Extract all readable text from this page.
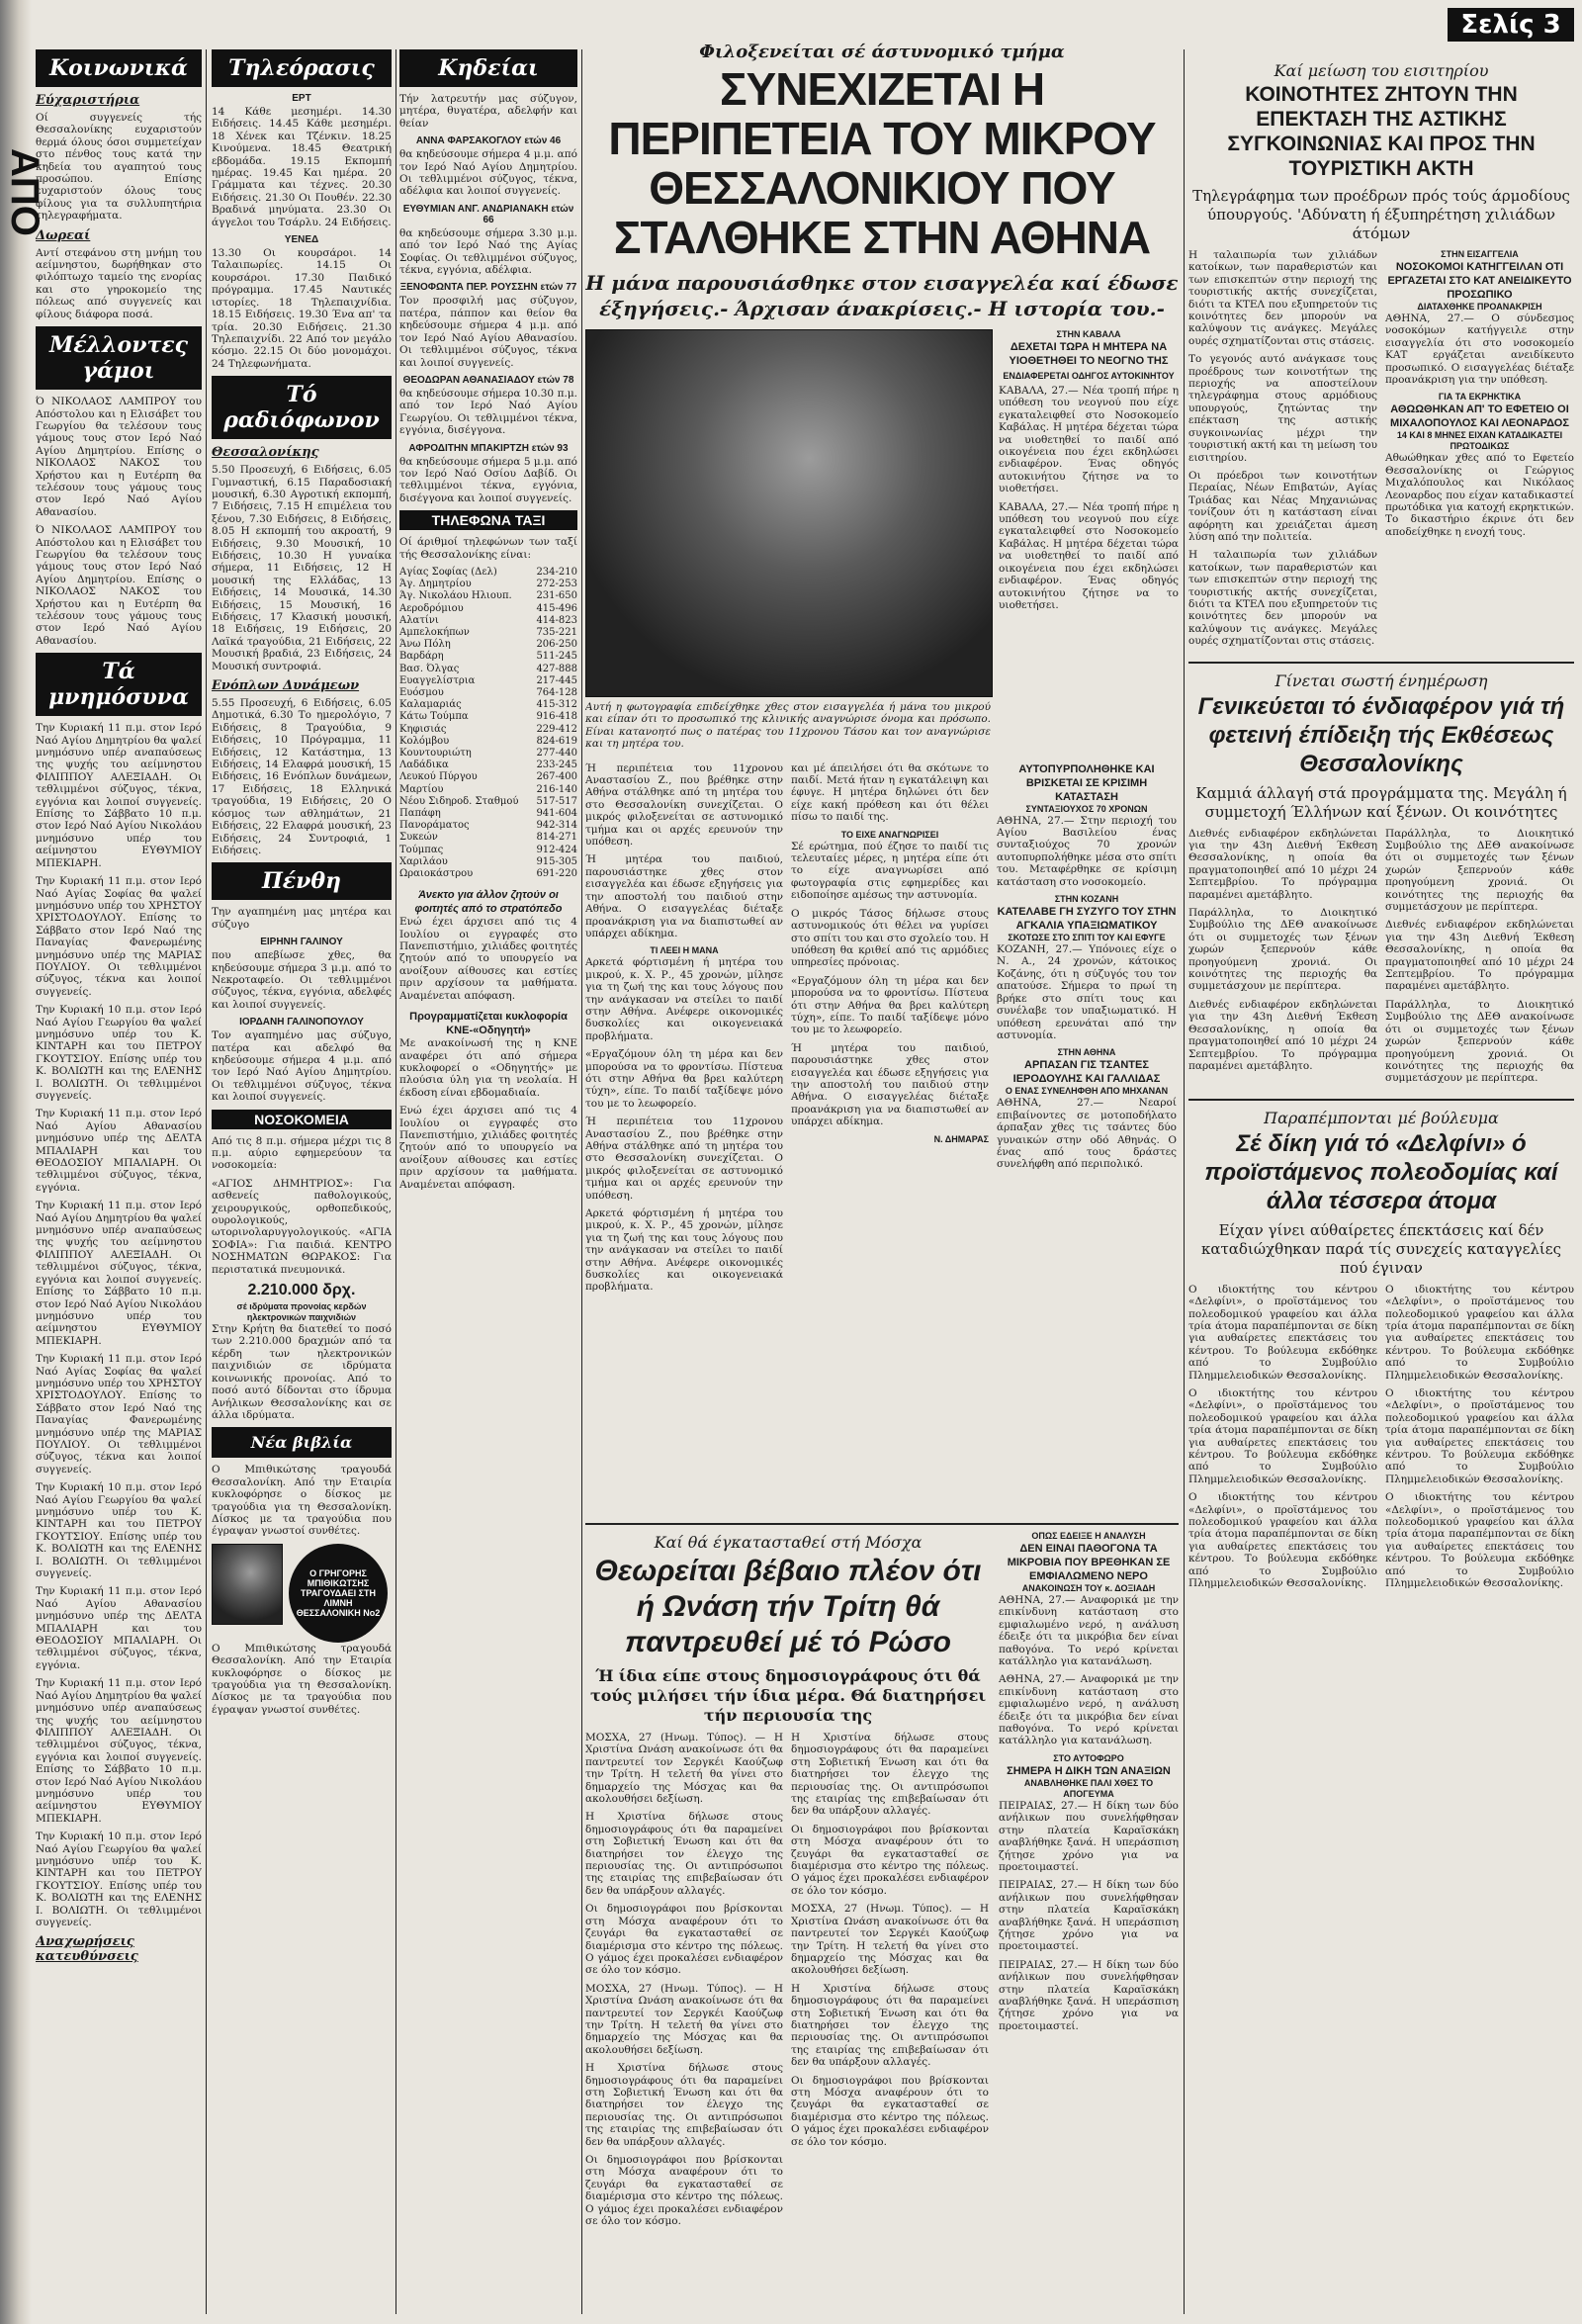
ΑΠΟ
Σελίς 3
Κοινωνικά
Εύχαριστήρια

Οί συγγενείς τής Θεσσαλονίκης ευχαριστούν θερμά όλους όσοι συμμετείχαν στο πένθος τους κατά την κηδεία του αγαπητού τους προσώπου. Επίσης ευχαριστούν όλους τους φίλους για τα συλλυπητήρια τηλεγραφήματα.

Δωρεαί

Αντί στεφάνου στη μνήμη του αείμνηστου, δωρήθηκαν στο φιλόπτωχο ταμείο της ενορίας και στο γηροκομείο της πόλεως από συγγενείς και φίλους διάφορα ποσά.

Μέλλοντες γάμοι

Ό ΝΙΚΟΛΑΟΣ ΛΑΜΠΡΟΥ του Απόστολου και η Ελισάβετ του Γεωργίου θα τελέσουν τους γάμους τους στον Ιερό Ναό Αγίου Δημητρίου. Επίσης ο ΝΙΚΟΛΑΟΣ ΝΑΚΟΣ του Χρήστου και η Ευτέρπη θα τελέσουν τους γάμους τους στον Ιερό Ναό Αγίου Αθανασίου.

Ό ΝΙΚΟΛΑΟΣ ΛΑΜΠΡΟΥ του Απόστολου και η Ελισάβετ του Γεωργίου θα τελέσουν τους γάμους τους στον Ιερό Ναό Αγίου Δημητρίου. Επίσης ο ΝΙΚΟΛΑΟΣ ΝΑΚΟΣ του Χρήστου και η Ευτέρπη θα τελέσουν τους γάμους τους στον Ιερό Ναό Αγίου Αθανασίου.

Τά μνημόσυνα

Την Κυριακή 11 π.μ. στον Ιερό Ναό Αγίου Δημητρίου θα ψαλεί μνημόσυνο υπέρ αναπαύσεως της ψυχής του αείμνηστου ΦΙΛΙΠΠΟΥ ΑΛΕΞΙΑΔΗ. Οι τεθλιμμένοι σύζυγος, τέκνα, εγγόνια και λοιποί συγγενείς. Επίσης το Σάββατο 10 π.μ. στον Ιερό Ναό Αγίου Νικολάου μνημόσυνο υπέρ του αείμνηστου ΕΥΘΥΜΙΟΥ ΜΠΕΚΙΑΡΗ.

Την Κυριακή 11 π.μ. στον Ιερό Ναό Αγίας Σοφίας θα ψαλεί μνημόσυνο υπέρ του ΧΡΗΣΤΟΥ ΧΡΙΣΤΟΔΟΥΛΟΥ. Επίσης το Σάββατο στον Ιερό Ναό της Παναγίας Φανερωμένης μνημόσυνο υπέρ της ΜΑΡΙΑΣ ΠΟΥΛΙΟΥ. Οι τεθλιμμένοι σύζυγος, τέκνα και λοιποί συγγενείς.

Την Κυριακή 10 π.μ. στον Ιερό Ναό Αγίου Γεωργίου θα ψαλεί μνημόσυνο υπέρ του Κ. ΚΙΝΤΑΡΗ και του ΠΕΤΡΟΥ ΓΚΟΥΤΣΙΟΥ. Επίσης υπέρ του Κ. ΒΟΛΙΩΤΗ και της ΕΛΕΝΗΣ Ι. ΒΟΛΙΩΤΗ. Οι τεθλιμμένοι συγγενείς.

Την Κυριακή 11 π.μ. στον Ιερό Ναό Αγίου Αθανασίου μνημόσυνο υπέρ της ΔΕΛΤΑ ΜΠΑΛΙΑΡΗ και του ΘΕΟΔΟΣΙΟΥ ΜΠΑΛΙΑΡΗ. Οι τεθλιμμένοι σύζυγος, τέκνα, εγγόνια.

Την Κυριακή 11 π.μ. στον Ιερό Ναό Αγίου Δημητρίου θα ψαλεί μνημόσυνο υπέρ αναπαύσεως της ψυχής του αείμνηστου ΦΙΛΙΠΠΟΥ ΑΛΕΞΙΑΔΗ. Οι τεθλιμμένοι σύζυγος, τέκνα, εγγόνια και λοιποί συγγενείς. Επίσης το Σάββατο 10 π.μ. στον Ιερό Ναό Αγίου Νικολάου μνημόσυνο υπέρ του αείμνηστου ΕΥΘΥΜΙΟΥ ΜΠΕΚΙΑΡΗ.

Την Κυριακή 11 π.μ. στον Ιερό Ναό Αγίας Σοφίας θα ψαλεί μνημόσυνο υπέρ του ΧΡΗΣΤΟΥ ΧΡΙΣΤΟΔΟΥΛΟΥ. Επίσης το Σάββατο στον Ιερό Ναό της Παναγίας Φανερωμένης μνημόσυνο υπέρ της ΜΑΡΙΑΣ ΠΟΥΛΙΟΥ. Οι τεθλιμμένοι σύζυγος, τέκνα και λοιποί συγγενείς.

Την Κυριακή 10 π.μ. στον Ιερό Ναό Αγίου Γεωργίου θα ψαλεί μνημόσυνο υπέρ του Κ. ΚΙΝΤΑΡΗ και του ΠΕΤΡΟΥ ΓΚΟΥΤΣΙΟΥ. Επίσης υπέρ του Κ. ΒΟΛΙΩΤΗ και της ΕΛΕΝΗΣ Ι. ΒΟΛΙΩΤΗ. Οι τεθλιμμένοι συγγενείς.

Την Κυριακή 11 π.μ. στον Ιερό Ναό Αγίου Αθανασίου μνημόσυνο υπέρ της ΔΕΛΤΑ ΜΠΑΛΙΑΡΗ και του ΘΕΟΔΟΣΙΟΥ ΜΠΑΛΙΑΡΗ. Οι τεθλιμμένοι σύζυγος, τέκνα, εγγόνια.

Την Κυριακή 11 π.μ. στον Ιερό Ναό Αγίου Δημητρίου θα ψαλεί μνημόσυνο υπέρ αναπαύσεως της ψυχής του αείμνηστου ΦΙΛΙΠΠΟΥ ΑΛΕΞΙΑΔΗ. Οι τεθλιμμένοι σύζυγος, τέκνα, εγγόνια και λοιποί συγγενείς. Επίσης το Σάββατο 10 π.μ. στον Ιερό Ναό Αγίου Νικολάου μνημόσυνο υπέρ του αείμνηστου ΕΥΘΥΜΙΟΥ ΜΠΕΚΙΑΡΗ.

Την Κυριακή 10 π.μ. στον Ιερό Ναό Αγίου Γεωργίου θα ψαλεί μνημόσυνο υπέρ του Κ. ΚΙΝΤΑΡΗ και του ΠΕΤΡΟΥ ΓΚΟΥΤΣΙΟΥ. Επίσης υπέρ του Κ. ΒΟΛΙΩΤΗ και της ΕΛΕΝΗΣ Ι. ΒΟΛΙΩΤΗ. Οι τεθλιμμένοι συγγενείς.

Αναχωρήσεις κατευθύνσεις
Τηλεόρασις
ΕΡΤ

14 Κάθε μεσημέρι. 14.30 Ειδήσεις. 14.45 Κάθε μεσημέρι. 18 Χένεκ και Τζένκιν. 18.25 Κινούμενα. 18.45 Θεατρική εβδομάδα. 19.15 Εκπομπή ημέρας. 19.45 Και ημέρα. 20 Γράμματα και τέχνες. 20.30 Ειδήσεις. 21.30 Οι Πουθέν. 22.30 Βραδινά μηνύματα. 23.30 Οι άγγελοι του Τσάρλυ. 24 Ειδήσεις.

ΥΕΝΕΔ

13.30 Οι κουρσάροι. 14 Ταλαιπωρίες. 14.15 Οι κουρσάροι. 17.30 Παιδικό πρόγραμμα. 17.45 Ναυτικές ιστορίες. 18 Τηλεπαιχνίδια. 18.15 Ειδήσεις. 19.30 Ένα απ' τα τρία. 20.30 Ειδήσεις. 21.30 Τηλεπαιχνίδι. 22 Από τον μεγάλο κόσμο. 22.15 Οι δύο μονομάχοι. 24 Τηλεφωνήματα.

Τό ραδιόφωνον
Θεσσαλονίκης

5.50 Προσευχή, 6 Ειδήσεις, 6.05 Γυμναστική, 6.15 Παραδοσιακή μουσική, 6.30 Αγροτική εκπομπή, 7 Ειδήσεις, 7.15 Η επιμέλεια του ξένου, 7.30 Ειδήσεις, 8 Ειδήσεις, 8.05 Η εκπομπή του ακροατή, 9 Ειδήσεις, 9.30 Μουσική, 10 Ειδήσεις, 10.30 Η γυναίκα σήμερα, 11 Ειδήσεις, 12 Η μουσική της Ελλάδας, 13 Ειδήσεις, 14 Μουσικά, 14.30 Ειδήσεις, 15 Μουσική, 16 Ειδήσεις, 17 Κλασική μουσική, 18 Ειδήσεις, 19 Ειδήσεις, 20 Λαϊκά τραγούδια, 21 Ειδήσεις, 22 Μουσική βραδιά, 23 Ειδήσεις, 24 Μουσική συντροφιά.

Ενόπλων Δυνάμεων

5.55 Προσευχή, 6 Ειδήσεις, 6.05 Δημοτικά, 6.30 Το ημερολόγιο, 7 Ειδήσεις, 8 Τραγούδια, 9 Ειδήσεις, 10 Πρόγραμμα, 11 Ειδήσεις, 12 Κατάστημα, 13 Ειδήσεις, 14 Ελαφρά μουσική, 15 Ειδήσεις, 16 Ενόπλων δυνάμεων, 17 Ειδήσεις, 18 Ελληνικά τραγούδια, 19 Ειδήσεις, 20 Ο κόσμος των αθλημάτων, 21 Ειδήσεις, 22 Ελαφρά μουσική, 23 Ειδήσεις, 24 Συντροφιά, 1 Ειδήσεις.

Πένθη

Την αγαπημένη μας μητέρα και σύζυγο

ΕΙΡΗΝΗ ΓΑΛΙΝΟΥ

που απεβίωσε χθες, θα κηδεύσουμε σήμερα 3 μ.μ. από το Νεκροταφείο. Οι τεθλιμμένοι σύζυγος, τέκνα, εγγόνια, αδελφές και λοιποί συγγενείς.

ΙΟΡΔΑΝΗ ΓΑΛΙΝΟΠΟΥΛΟΥ

Τον αγαπημένο μας σύζυγο, πατέρα και αδελφό θα κηδεύσουμε σήμερα 4 μ.μ. από τον Ιερό Ναό Αγίου Δημητρίου. Οι τεθλιμμένοι σύζυγος, τέκνα και λοιποί συγγενείς.

ΝΟΣΟΚΟΜΕΙΑ

Από τις 8 π.μ. σήμερα μέχρι τις 8 π.μ. αύριο εφημερεύουν τα νοσοκομεία:

«ΑΓΙΟΣ ΔΗΜΗΤΡΙΟΣ»: Για ασθενείς παθολογικούς, χειρουργικούς, ορθοπεδικούς, ουρολογικούς, ωτορινολαρυγγολογικούς. «ΑΓΙΑ ΣΟΦΙΑ»: Για παιδιά. ΚΕΝΤΡΟ ΝΟΣΗΜΑΤΩΝ ΘΩΡΑΚΟΣ: Για περιστατικά πνευμονικά.

2.210.000 δρχ.
σέ ιδρύματα προνοίας κερδών ηλεκτρονικών παιχνιδιών

Στην Κρήτη θα διατεθεί το ποσό των 2.210.000 δραχμών από τα κέρδη των ηλεκτρονικών παιχνιδιών σε ιδρύματα κοινωνικής προνοίας. Από το ποσό αυτό δίδονται στο ίδρυμα Ανήλικων Θεσσαλονίκης και σε άλλα ιδρύματα.

Νέα βιβλία

Ο Μπιθικώτσης τραγουδά Θεσσαλονίκη. Από την Εταιρία κυκλοφόρησε ο δίσκος με τραγούδια για τη Θεσσαλονίκη. Δίσκος με τα τραγούδια που έγραψαν γνωστοί συνθέτες.

Ο ΓΡΗΓΟΡΗΣ ΜΠΙΘΙΚΩΤΣΗΣ ΤΡΑΓΟΥΔΑΕΙ ΣΤΗ ΛΙΜΝΗ ΘΕΣΣΑΛΟΝΙΚΗ Νο2

Ο Μπιθικώτσης τραγουδά Θεσσαλονίκη. Από την Εταιρία κυκλοφόρησε ο δίσκος με τραγούδια για τη Θεσσαλονίκη. Δίσκος με τα τραγούδια που έγραψαν γνωστοί συνθέτες.

Κηδείαι

Τήν λατρευτήν μας σύζυγον, μητέρα, θυγατέρα, αδελφήν και θείαν

ΑΝΝΑ ΦΑΡΣΑΚΟΓΛΟΥ ετών 46

θα κηδεύσουμε σήμερα 4 μ.μ. από τον Ιερό Ναό Αγίου Δημητρίου. Οι τεθλιμμένοι σύζυγος, τέκνα, αδέλφια και λοιποί συγγενείς.

ΕΥΘΥΜΙΑΝ ΑΝΓ. ΑΝΔΡΙΑΝΑΚΗ ετών 66

θα κηδεύσουμε σήμερα 3.30 μ.μ. από τον Ιερό Ναό της Αγίας Σοφίας. Οι τεθλιμμένοι σύζυγος, τέκνα, εγγόνια, αδέλφια.

ΞΕΝΟΦΩΝΤΑ ΠΕΡ. ΡΟΥΣΣΗΝ ετών 77

Τον προσφιλή μας σύζυγον, πατέρα, πάππον και θείον θα κηδεύσουμε σήμερα 4 μ.μ. από τον Ιερό Ναό Αγίου Αθανασίου. Οι τεθλιμμένοι σύζυγος, τέκνα και λοιποί συγγενείς.

ΘΕΟΔΩΡΑΝ ΑΘΑΝΑΣΙΑΔΟΥ ετών 78

θα κηδεύσουμε σήμερα 10.30 π.μ. από τον Ιερό Ναό Αγίου Γεωργίου. Οι τεθλιμμένοι τέκνα, εγγόνια, δισέγγονα.

ΑΦΡΟΔΙΤΗΝ ΜΠΑΚΙΡΤΖΗ ετών 93

θα κηδεύσουμε σήμερα 5 μ.μ. από τον Ιερό Ναό Οσίου Δαβίδ. Οι τεθλιμμένοι τέκνα, εγγόνια, δισέγγονα και λοιποί συγγενείς.

ΤΗΛΕΦΩΝΑ ΤΑΞΙ

Οί άριθμοί τηλεφώνων των ταξί τής Θεσσαλονίκης είναι:

Αγίας Σοφίας (Δελ)	234-210
Άγ. Δημητρίου	272-253
Άγ. Νικολάου Ηλιουπ. 231-650
Αεροδρόμιου	415-496
Αλατίνι	414-823
Αμπελοκήπων	735-221
Άνω Πόλη	206-250
Βαρδάρη	511-245
Βασ. Όλγας	427-888
Ευαγγελίστρια	217-445
Ευόσμου	764-128
Καλαμαριάς	415-312
Κάτω Τούμπα	916-418
Κηφισιάς	229-412
Κολόμβου	824-619
Κουντουριώτη	277-440
Λαδάδικα	233-245
Λευκού Πύργου	267-400
Μαρτίου	216-140
Νέου Σιδηροδ. Σταθμού 517-517
Παπάφη	941-604
Πανοράματος	942-314
Συκεών	814-271
Τούμπας	912-424
Χαριλάου	915-305
Ωραιοκάστρου	691-220
Άνεκτο για άλλον ζητούν οι φοιτητές από το στρατόπεδο

Ενώ έχει άρχισει από τις 4 Ιουλίου οι εγγραφές στο Πανεπιστήμιο, χιλιάδες φοιτητές ζητούν από το υπουργείο να ανοίξουν αίθουσες και εστίες πριν αρχίσουν τα μαθήματα. Αναμένεται απόφαση.

Προγραμματίζεται κυκλοφορία ΚΝΕ-«Οδηγητή»

Με ανακοίνωσή της η ΚΝΕ αναφέρει ότι από σήμερα κυκλοφορεί ο «Οδηγητής» με πλούσια ύλη για τη νεολαία. Η έκδοση είναι εβδομαδιαία.

Ενώ έχει άρχισει από τις 4 Ιουλίου οι εγγραφές στο Πανεπιστήμιο, χιλιάδες φοιτητές ζητούν από το υπουργείο να ανοίξουν αίθουσες και εστίες πριν αρχίσουν τα μαθήματα. Αναμένεται απόφαση.

Φιλοξενείται σέ άστυνομικό τμήμα
ΣΥΝΕΧΙΖΕΤΑΙ Η ΠΕΡΙΠΕΤΕΙΑ ΤΟΥ ΜΙΚΡΟΥ ΘΕΣΣΑΛΟΝΙΚΙΟΥ ΠΟΥ ΣΤΑΛΘΗΚΕ ΣΤΗΝ ΑΘΗΝΑ
Η μάνα παρουσιάσθηκε στον εισαγγελέα καί έδωσε έξηγήσεις.- Άρχισαν άνακρίσεις.- Η ιστορία του.-

Αυτή η φωτογραφία επιδείχθηκε χθες στον εισαγγελέα ή μάνα του μικρού και είπαν ότι το προσωπικό της κλινικής αναγνώρισε όνομα και πρόσωπο. Είναι κατανοητό πως ο πατέρας του 11χρονου Τάσου και τον αναγνώρισε και τη μητέρα του.

ΣΤΗΝ ΚΑΒΑΛΑ
ΔΕΧΕΤΑΙ ΤΩΡΑ Η ΜΗΤΕΡΑ ΝΑ ΥΙΟΘΕΤΗΘΕΙ ΤΟ ΝΕΟΓΝΟ ΤΗΣ
ΕΝΔΙΑΦΕΡΕΤΑΙ ΟΔΗΓΟΣ ΑΥΤΟΚΙΝΗΤΟΥ

ΚΑΒΑΛΑ, 27.— Νέα τροπή πήρε η υπόθεση του νεογνού που είχε εγκαταλειφθεί στο Νοσοκομείο Καβάλας. Η μητέρα δέχεται τώρα να υιοθετηθεί το παιδί από οικογένεια που έχει εκδηλώσει ενδιαφέρον. Ένας οδηγός αυτοκινήτου ζήτησε να το υιοθετήσει.

ΚΑΒΑΛΑ, 27.— Νέα τροπή πήρε η υπόθεση του νεογνού που είχε εγκαταλειφθεί στο Νοσοκομείο Καβάλας. Η μητέρα δέχεται τώρα να υιοθετηθεί το παιδί από οικογένεια που έχει εκδηλώσει ενδιαφέρον. Ένας οδηγός αυτοκινήτου ζήτησε να το υιοθετήσει.

Ή περιπέτεια του 11χρονου Αναστασίου Ζ., που βρέθηκε στην Αθήνα στάλθηκε από τη μητέρα του στο Θεσσαλονίκη συνεχίζεται. Ο μικρός φιλοξενείται σε αστυνομικό τμήμα και οι αρχές ερευνούν την υπόθεση.

Ή μητέρα του παιδιού, παρουσιάστηκε χθες στον εισαγγελέα και έδωσε εξηγήσεις για την αποστολή του παιδιού στην Αθήνα. Ο εισαγγελέας διέταξε προανάκριση για να διαπιστωθεί αν υπάρχει αδίκημα.

ΤΙ ΛΕΕΙ Η ΜΑΝΑ

Αρκετά φόρτισμένη ή μητέρα του μικρού, κ. Χ. Ρ., 45 χρονών, μίλησε για τη ζωή της και τους λόγους που την ανάγκασαν να στείλει το παιδί στην Αθήνα. Ανέφερε οικονομικές δυσκολίες και οικογενειακά προβλήματα.

«Εργαζόμουν όλη τη μέρα και δεν μπορούσα να το φροντίσω. Πίστευα ότι στην Αθήνα θα βρει καλύτερη τύχη», είπε. Το παιδί ταξίδεψε μόνο του με το λεωφορείο.

Ή περιπέτεια του 11χρονου Αναστασίου Ζ., που βρέθηκε στην Αθήνα στάλθηκε από τη μητέρα του στο Θεσσαλονίκη συνεχίζεται. Ο μικρός φιλοξενείται σε αστυνομικό τμήμα και οι αρχές ερευνούν την υπόθεση.

Αρκετά φόρτισμένη ή μητέρα του μικρού, κ. Χ. Ρ., 45 χρονών, μίλησε για τη ζωή της και τους λόγους που την ανάγκασαν να στείλει το παιδί στην Αθήνα. Ανέφερε οικονομικές δυσκολίες και οικογενειακά προβλήματα.

και μέ άπειλήσει ότι θα σκότωνε το παιδί. Μετά ήταν η εγκατάλειψη και έφυγε. Η μητέρα δηλώνει ότι δεν είχε κακή πρόθεση και ότι θέλει πίσω το παιδί της.

ΤΟ ΕΙΧΕ ΑΝΑΓΝΩΡΙΣΕΙ

Σέ ερώτημα, πού έζησε το παιδί τις τελευταίες μέρες, η μητέρα είπε ότι το είχε αναγνωρίσει από φωτογραφία στις εφημερίδες και ειδοποίησε αμέσως την αστυνομία.

Ο μικρός Τάσος δήλωσε στους αστυνομικούς ότι θέλει να γυρίσει στο σπίτι του και στο σχολείο του. Η υπόθεση θα κριθεί από τις αρμόδιες υπηρεσίες πρόνοιας.

«Εργαζόμουν όλη τη μέρα και δεν μπορούσα να το φροντίσω. Πίστευα ότι στην Αθήνα θα βρει καλύτερη τύχη», είπε. Το παιδί ταξίδεψε μόνο του με το λεωφορείο.

Ή μητέρα του παιδιού, παρουσιάστηκε χθες στον εισαγγελέα και έδωσε εξηγήσεις για την αποστολή του παιδιού στην Αθήνα. Ο εισαγγελέας διέταξε προανάκριση για να διαπιστωθεί αν υπάρχει αδίκημα.

Ν. ΔΗΜΑΡΑΣ
ΑΥΤΟΠΥΡΠΟΛΗΘΗΚΕ ΚΑΙ ΒΡΙΣΚΕΤΑΙ ΣΕ ΚΡΙΣΙΜΗ ΚΑΤΑΣΤΑΣΗ
ΣΥΝΤΑΞΙΟΥΧΟΣ 70 ΧΡΟΝΩΝ

ΑΘΗΝΑ, 27.— Στην περιοχή του Αγίου Βασιλείου ένας συνταξιούχος 70 χρονών αυτοπυρπολήθηκε μέσα στο σπίτι του. Μεταφέρθηκε σε κρίσιμη κατάσταση στο νοσοκομείο.

ΣΤΗΝ ΚΟΖΑΝΗ
ΚΑΤΕΛΑΒΕ ΓΗ ΣΥΖΥΓΟ ΤΟΥ ΣΤΗΝ ΑΓΚΑΛΙΑ ΥΠΑΞΙΩΜΑΤΙΚΟΥ
ΣΚΟΤΩΣΕ ΣΤΟ ΣΠΙΤΙ ΤΟΥ ΚΑΙ ΕΦΥΓΕ

ΚΟΖΑΝΗ, 27.— Υπόνοιες είχε ο Ν. Α., 24 χρονών, κάτοικος Κοζάνης, ότι η σύζυγός του τον απατούσε. Σήμερα το πρωί τη βρήκε στο σπίτι τους και συνέλαβε τον υπαξιωματικό. Η υπόθεση ερευνάται από την αστυνομία.

ΣΤΗΝ ΑΘΗΝΑ
ΑΡΠΑΣΑΝ ΓΙΣ ΤΣΑΝΤΕΣ ΙΕΡΟΔΟΥΛΗΣ ΚΑΙ ΓΑΛΛΙΔΑΣ
Ο ΕΝΑΣ ΣΥΝΕΛΗΦΘΗ ΑΠΟ ΜΗΧΑΝΑΝ

ΑΘΗΝΑ, 27.— Νεαροί επιβαίνοντες σε μοτοποδήλατο άρπαξαν χθες τις τσάντες δύο γυναικών στην οδό Αθηνάς. Ο ένας από τους δράστες συνελήφθη από περιπολικό.

Καί θά έγκατασταθεί στή Μόσχα
Θεωρείται βέβαιο πλέον ότι ή Ωνάση τήν Τρίτη θά παντρευθεί μέ τό Ρώσο
Ή ίδια είπε στους δημοσιογράφους ότι θά τούς μιλήσει τήν ίδια μέρα. Θά διατηρήσει τήν περιουσία της

ΜΟΣΧΑ, 27 (Ηνωμ. Τύπος). — Η Χριστίνα Ωνάση ανακοίνωσε ότι θα παντρευτεί τον Σεργκέι Καούζωφ την Τρίτη. Η τελετή θα γίνει στο δημαρχείο της Μόσχας και θα ακολουθήσει δεξίωση.

Η Χριστίνα δήλωσε στους δημοσιογράφους ότι θα παραμείνει στη Σοβιετική Ένωση και ότι θα διατηρήσει τον έλεγχο της περιουσίας της. Οι αντιπρόσωποι της εταιρίας της επιβεβαίωσαν ότι δεν θα υπάρξουν αλλαγές.

Οι δημοσιογράφοι που βρίσκονται στη Μόσχα αναφέρουν ότι το ζευγάρι θα εγκατασταθεί σε διαμέρισμα στο κέντρο της πόλεως. Ο γάμος έχει προκαλέσει ενδιαφέρον σε όλο τον κόσμο.

ΜΟΣΧΑ, 27 (Ηνωμ. Τύπος). — Η Χριστίνα Ωνάση ανακοίνωσε ότι θα παντρευτεί τον Σεργκέι Καούζωφ την Τρίτη. Η τελετή θα γίνει στο δημαρχείο της Μόσχας και θα ακολουθήσει δεξίωση.

Η Χριστίνα δήλωσε στους δημοσιογράφους ότι θα παραμείνει στη Σοβιετική Ένωση και ότι θα διατηρήσει τον έλεγχο της περιουσίας της. Οι αντιπρόσωποι της εταιρίας της επιβεβαίωσαν ότι δεν θα υπάρξουν αλλαγές.

Οι δημοσιογράφοι που βρίσκονται στη Μόσχα αναφέρουν ότι το ζευγάρι θα εγκατασταθεί σε διαμέρισμα στο κέντρο της πόλεως. Ο γάμος έχει προκαλέσει ενδιαφέρον σε όλο τον κόσμο.

Η Χριστίνα δήλωσε στους δημοσιογράφους ότι θα παραμείνει στη Σοβιετική Ένωση και ότι θα διατηρήσει τον έλεγχο της περιουσίας της. Οι αντιπρόσωποι της εταιρίας της επιβεβαίωσαν ότι δεν θα υπάρξουν αλλαγές.

Οι δημοσιογράφοι που βρίσκονται στη Μόσχα αναφέρουν ότι το ζευγάρι θα εγκατασταθεί σε διαμέρισμα στο κέντρο της πόλεως. Ο γάμος έχει προκαλέσει ενδιαφέρον σε όλο τον κόσμο.

ΜΟΣΧΑ, 27 (Ηνωμ. Τύπος). — Η Χριστίνα Ωνάση ανακοίνωσε ότι θα παντρευτεί τον Σεργκέι Καούζωφ την Τρίτη. Η τελετή θα γίνει στο δημαρχείο της Μόσχας και θα ακολουθήσει δεξίωση.

Η Χριστίνα δήλωσε στους δημοσιογράφους ότι θα παραμείνει στη Σοβιετική Ένωση και ότι θα διατηρήσει τον έλεγχο της περιουσίας της. Οι αντιπρόσωποι της εταιρίας της επιβεβαίωσαν ότι δεν θα υπάρξουν αλλαγές.

Οι δημοσιογράφοι που βρίσκονται στη Μόσχα αναφέρουν ότι το ζευγάρι θα εγκατασταθεί σε διαμέρισμα στο κέντρο της πόλεως. Ο γάμος έχει προκαλέσει ενδιαφέρον σε όλο τον κόσμο.

ΟΠΩΣ ΕΔΕΙΞΕ Η ΑΝΑΛΥΣΗ
ΔΕΝ ΕΙΝΑΙ ΠΑΘΟΓΟΝΑ ΤΑ ΜΙΚΡΟΒΙΑ ΠΟΥ ΒΡΕΘΗΚΑΝ ΣΕ ΕΜΦΙΑΛΩΜΕΝΟ ΝΕΡΟ
ΑΝΑΚΟΙΝΩΣΗ ΤΟΥ κ. ΔΟΞΙΑΔΗ

ΑΘΗΝΑ, 27.— Αναφορικά με την επικίνδυνη κατάσταση στο εμφιαλωμένο νερό, η ανάλυση έδειξε ότι τα μικρόβια δεν είναι παθογόνα. Το νερό κρίνεται κατάλληλο για κατανάλωση.

ΑΘΗΝΑ, 27.— Αναφορικά με την επικίνδυνη κατάσταση στο εμφιαλωμένο νερό, η ανάλυση έδειξε ότι τα μικρόβια δεν είναι παθογόνα. Το νερό κρίνεται κατάλληλο για κατανάλωση.

ΣΤΟ ΑΥΤΟΦΩΡΟ
ΣΗΜΕΡΑ Η ΔΙΚΗ ΤΩΝ ΑΝΑΞΙΩΝ
ΑΝΑΒΛΗΘΗΚΕ ΠΑΛΙ ΧΘΕΣ ΤΟ ΑΠΟΓΕΥΜΑ

ΠΕΙΡΑΙΑΣ, 27.— Η δίκη των δύο ανήλικων που συνελήφθησαν στην πλατεία Καραϊσκάκη αναβλήθηκε ξανά. Η υπεράσπιση ζήτησε χρόνο για να προετοιμαστεί.

ΠΕΙΡΑΙΑΣ, 27.— Η δίκη των δύο ανήλικων που συνελήφθησαν στην πλατεία Καραϊσκάκη αναβλήθηκε ξανά. Η υπεράσπιση ζήτησε χρόνο για να προετοιμαστεί.

ΠΕΙΡΑΙΑΣ, 27.— Η δίκη των δύο ανήλικων που συνελήφθησαν στην πλατεία Καραϊσκάκη αναβλήθηκε ξανά. Η υπεράσπιση ζήτησε χρόνο για να προετοιμαστεί.

Καί μείωση του εισιτηρίου
ΚΟΙΝΟΤΗΤΕΣ ΖΗΤΟΥΝ ΤΗΝ ΕΠΕΚΤΑΣΗ ΤΗΣ ΑΣΤΙΚΗΣ ΣΥΓΚΟΙΝΩΝΙΑΣ ΚΑΙ ΠΡΟΣ ΤΗΝ ΤΟΥΡΙΣΤΙΚΗ ΑΚΤΗ
Τηλεγράφημα των προέδρων πρός τούς άρμοδίους ύπουργούς. 'Αδύνατη ή έξυπηρέτηση χιλιάδων άτόμων

Η ταλαιπωρία των χιλιάδων κατοίκων, των παραθεριστών και των επισκεπτών στην περιοχή της τουριστικής ακτής συνεχίζεται, διότι τα ΚΤΕΛ που εξυπηρετούν τις κοινότητες δεν μπορούν να καλύψουν τις ανάγκες. Μεγάλες ουρές σχηματίζονται στις στάσεις.

Το γεγονός αυτό ανάγκασε τους προέδρους των κοινοτήτων της περιοχής να αποστείλουν τηλεγράφημα στους αρμόδιους υπουργούς, ζητώντας την επέκταση της αστικής συγκοινωνίας μέχρι την τουριστική ακτή και τη μείωση του εισιτηρίου.

Οι πρόεδροι των κοινοτήτων Περαίας, Νέων Επιβατών, Αγίας Τριάδας και Νέας Μηχανιώνας τονίζουν ότι η κατάσταση είναι αφόρητη και χρειάζεται άμεση λύση από την πολιτεία.

Η ταλαιπωρία των χιλιάδων κατοίκων, των παραθεριστών και των επισκεπτών στην περιοχή της τουριστικής ακτής συνεχίζεται, διότι τα ΚΤΕΛ που εξυπηρετούν τις κοινότητες δεν μπορούν να καλύψουν τις ανάγκες. Μεγάλες ουρές σχηματίζονται στις στάσεις.

ΣΤΗΝ ΕΙΣΑΓΓΕΛΙΑ
ΝΟΣΟΚΟΜΟΙ ΚΑΤΗΓΓΕΙΛΑΝ ΟΤΙ ΕΡΓΑΖΕΤΑΙ ΣΤΟ ΚΑΤ ΑΝΕΙΔΙΚΕΥΤΟ ΠΡΟΣΩΠΙΚΟ
ΔΙΑΤΑΧΘΗΚΕ ΠΡΟΑΝΑΚΡΙΣΗ

ΑΘΗΝΑ, 27.— Ο σύνδεσμος νοσοκόμων κατήγγειλε στην εισαγγελία ότι στο νοσοκομείο ΚΑΤ εργάζεται ανειδίκευτο προσωπικό. Ο εισαγγελέας διέταξε προανάκριση για την υπόθεση.

ΓΙΑ ΤΑ ΕΚΡΗΚΤΙΚΑ
ΑΘΩΩΘΗΚΑΝ ΑΠ' ΤΟ ΕΦΕΤΕΙΟ ΟΙ ΜΙΧΑΛΟΠΟΥΛΟΣ ΚΑΙ ΛΕΟΝΑΡΔΟΣ
14 ΚΑΙ 8 ΜΗΝΕΣ ΕΙΧΑΝ ΚΑΤΑΔΙΚΑΣΤΕΙ ΠΡΩΤΟΔΙΚΩΣ

Αθωώθηκαν χθες από το Εφετείο Θεσσαλονίκης οι Γεώργιος Μιχαλόπουλος και Νικόλαος Λεοναρδος που είχαν καταδικαστεί πρωτόδικα για κατοχή εκρηκτικών. Το δικαστήριο έκρινε ότι δεν αποδείχθηκε η ενοχή τους.

Γίνεται σωστή ένημέρωση
Γενικεύεται τό ένδιαφέρον γιά τή φετεινή έπίδειξη τής Εκθέσεως Θεσσαλονίκης
Καμμιά άλλαγή στά προγράμματα της. Μεγάλη ή συμμετοχή Έλλήνων καί ξένων. Οι κοινότητες

Διεθνές ενδιαφέρον εκδηλώνεται για την 43η Διεθνή Έκθεση Θεσσαλονίκης, η οποία θα πραγματοποιηθεί από 10 μέχρι 24 Σεπτεμβρίου. Το πρόγραμμα παραμένει αμετάβλητο.

Παράλληλα, το Διοικητικό Συμβούλιο της ΔΕΘ ανακοίνωσε ότι οι συμμετοχές των ξένων χωρών ξεπερνούν κάθε προηγούμενη χρονιά. Οι κοινότητες της περιοχής θα συμμετάσχουν με περίπτερα.

Διεθνές ενδιαφέρον εκδηλώνεται για την 43η Διεθνή Έκθεση Θεσσαλονίκης, η οποία θα πραγματοποιηθεί από 10 μέχρι 24 Σεπτεμβρίου. Το πρόγραμμα παραμένει αμετάβλητο.

Παράλληλα, το Διοικητικό Συμβούλιο της ΔΕΘ ανακοίνωσε ότι οι συμμετοχές των ξένων χωρών ξεπερνούν κάθε προηγούμενη χρονιά. Οι κοινότητες της περιοχής θα συμμετάσχουν με περίπτερα.

Διεθνές ενδιαφέρον εκδηλώνεται για την 43η Διεθνή Έκθεση Θεσσαλονίκης, η οποία θα πραγματοποιηθεί από 10 μέχρι 24 Σεπτεμβρίου. Το πρόγραμμα παραμένει αμετάβλητο.

Παράλληλα, το Διοικητικό Συμβούλιο της ΔΕΘ ανακοίνωσε ότι οι συμμετοχές των ξένων χωρών ξεπερνούν κάθε προηγούμενη χρονιά. Οι κοινότητες της περιοχής θα συμμετάσχουν με περίπτερα.

Παραπέμπονται μέ βούλευμα
Σέ δίκη γιά τό «Δελφίνι» ό προϊστάμενος πολεοδομίας καί άλλα τέσσερα άτομα
Είχαν γίνει αύθαίρετες έπεκτάσεις καί δέν καταδιώχθηκαν παρά τίς συνεχείς καταγγελίες πού έγιναν

Ο ιδιοκτήτης του κέντρου «Δελφίνι», ο προϊστάμενος του πολεοδομικού γραφείου και άλλα τρία άτομα παραπέμπονται σε δίκη για αυθαίρετες επεκτάσεις του κέντρου. Το βούλευμα εκδόθηκε από το Συμβούλιο Πλημμελειοδικών Θεσσαλονίκης.

Ο ιδιοκτήτης του κέντρου «Δελφίνι», ο προϊστάμενος του πολεοδομικού γραφείου και άλλα τρία άτομα παραπέμπονται σε δίκη για αυθαίρετες επεκτάσεις του κέντρου. Το βούλευμα εκδόθηκε από το Συμβούλιο Πλημμελειοδικών Θεσσαλονίκης.

Ο ιδιοκτήτης του κέντρου «Δελφίνι», ο προϊστάμενος του πολεοδομικού γραφείου και άλλα τρία άτομα παραπέμπονται σε δίκη για αυθαίρετες επεκτάσεις του κέντρου. Το βούλευμα εκδόθηκε από το Συμβούλιο Πλημμελειοδικών Θεσσαλονίκης.

Ο ιδιοκτήτης του κέντρου «Δελφίνι», ο προϊστάμενος του πολεοδομικού γραφείου και άλλα τρία άτομα παραπέμπονται σε δίκη για αυθαίρετες επεκτάσεις του κέντρου. Το βούλευμα εκδόθηκε από το Συμβούλιο Πλημμελειοδικών Θεσσαλονίκης.

Ο ιδιοκτήτης του κέντρου «Δελφίνι», ο προϊστάμενος του πολεοδομικού γραφείου και άλλα τρία άτομα παραπέμπονται σε δίκη για αυθαίρετες επεκτάσεις του κέντρου. Το βούλευμα εκδόθηκε από το Συμβούλιο Πλημμελειοδικών Θεσσαλονίκης.

Ο ιδιοκτήτης του κέντρου «Δελφίνι», ο προϊστάμενος του πολεοδομικού γραφείου και άλλα τρία άτομα παραπέμπονται σε δίκη για αυθαίρετες επεκτάσεις του κέντρου. Το βούλευμα εκδόθηκε από το Συμβούλιο Πλημμελειοδικών Θεσσαλονίκης.
